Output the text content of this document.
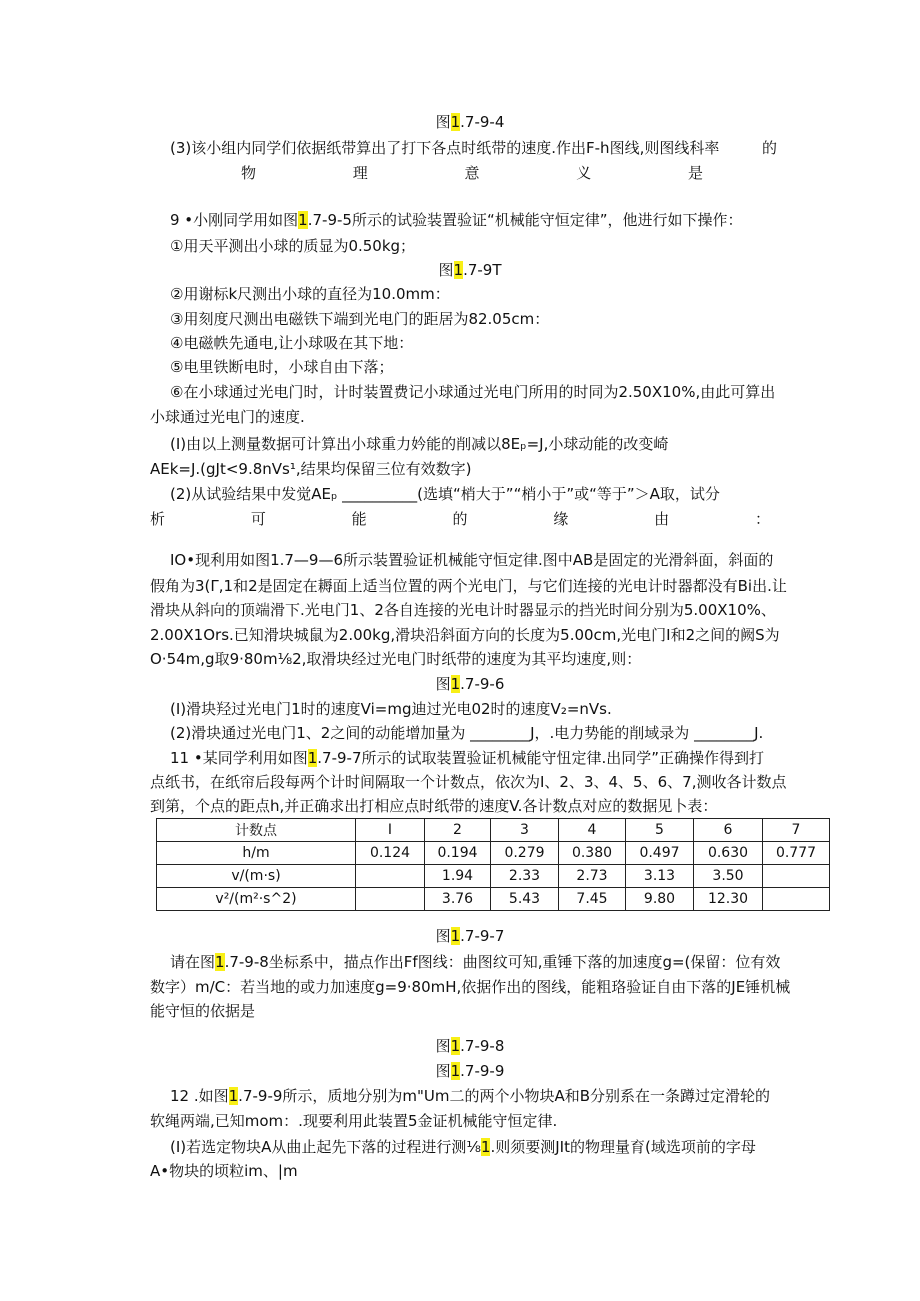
图1.7-9-4
(3)该小组内同学们依据纸带算出了打下各点时纸带的速度.作出F-h图线,则图线科率	的
物	理	意	义	是
9 •小刚同学用如图1.7-9-5所示的试验装置验证“机械能守恒定律”，他进行如下操作：
①用天平测出小球的质显为0.50kg；
图1.7-9T
②用谢标k尺测出小球的直径为10.0mm：
③用刻度尺测出电磁铁下端到光电门的距居为82.05cm：
④电磁帙先通电,让小球吸在其下地：
⑤电里铁断电时，小球自由下落；
⑥在小球通过光电门时，计时装置费记小球通过光电门所用的时同为2.50X10%,由此可算出
小球通过光电门的速度.
(I)由以上测量数据可计算出小球重力妗能的削减以8Eₚ=J,小球动能的改变崎
AEk=J.(gJt<9.8nVs¹,结果均保留三位有效数字)
(2)从试验结果中发觉AEₚ __________(选填“梢大于”“梢小于”或“等于”＞A取，试分
析	可	能	的	缘	由	：
IO•现利用如图1.7—9—6所示装置验证机械能守恒定律.图中AB是固定的光滑斜面，斜面的
假角为3(Γ,1和2是固定在耨面上适当位置的两个光电门，与它们连接的光电计时器都没有Bi出.让
滑块从斜向的顶端滑下.光电门1、2各自连接的光电计时器显示的挡光时间分别为5.00X10%、
2.00X1Ors.已知滑块城鼠为2.00kg,滑块沿斜面方向的长度为5.00cm,光电门I和2之间的阙S为
O·54m,g取9·80m⅛2,取滑块经过光电门时纸带的速度为其平均速度,则：
图1.7-9-6
(I)滑块羟过光电门1时的速度Vi=mg迪过光电02时的速度V₂=nVs.
(2)滑块通过光电门1、2之间的动能增加量为 ________J，.电力势能的削域录为 ________J.
11 •某同学利用如图1.7-9-7所示的试取装置验证机械能守忸定律.出同学”正确操作得到打
点纸书，在纸帘后段每两个计时间隔取一个计数点，依次为I、2、3、4、5、6、7,测收各计数点
到第，个点的距点h,并正确求出打相应点时纸带的速度V.各计数点对应的数据见卜表：
计数点	I	2	3	4	5	6	7
h/m	0.124	0.194	0.279	0.380	0.497	0.630	0.777
v/(m·s)		1.94	2.33	2.73	3.13	3.50	
v²/(m²·s^2)		3.76	5.43	7.45	9.80	12.30	
图1.7-9-7
请在图1.7-9-8坐标系中，描点作出Ff图线：曲图纹可知,重锤下落的加速度g=(保留：位有效
数字）m/C：若当地的或力加速度g=9·80mH,依据作出的图线，能粗珞验证自由下落的JE锤机械
能守恒的依据是
图1.7-9-8
图1.7-9-9
12 .如图1.7-9-9所示，质地分别为m"Um二的两个小物块A和B分别系在一条蹲过定滑轮的
软绳两端,已知mom：.现要利用此装置5金证机械能守恒定律.
(I)若选定物块A从曲止起先下落的过程进行测⅛1.则须要测JIt的物理量育(域选项前的字母
A•物块的顷粒im、|m
